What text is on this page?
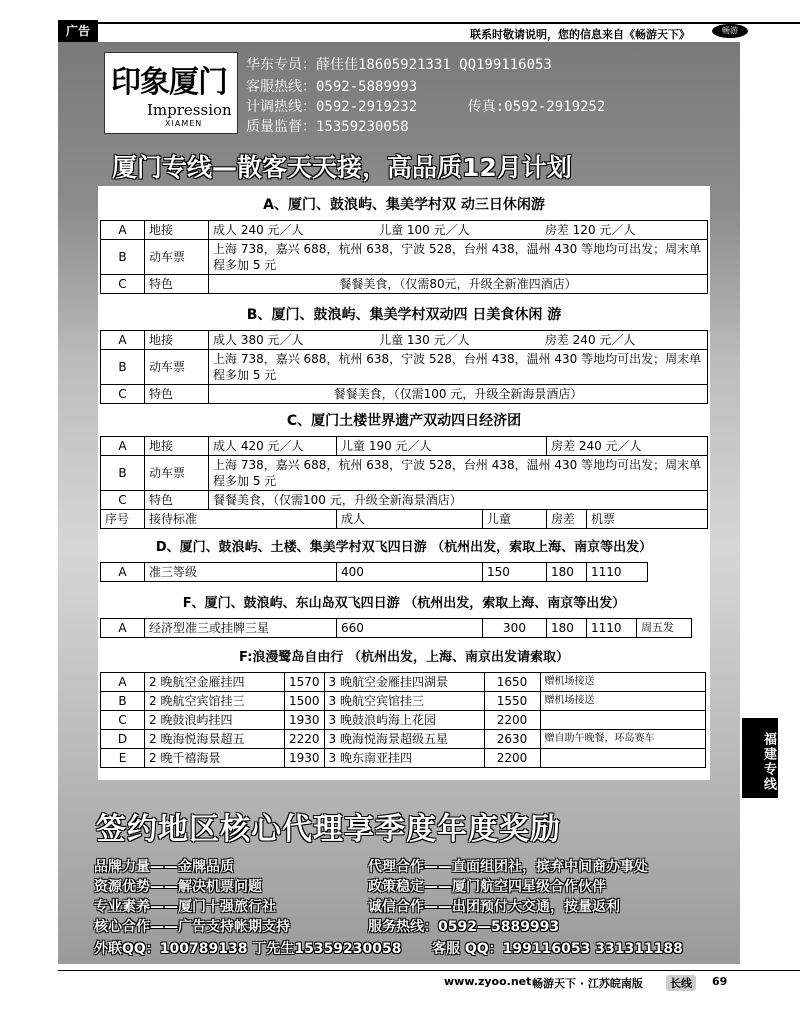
广告	联系时敬请说明，您的信息来自《畅游天下》	畅游
印象厦门
Impression
XIAMEN
华东专员：薛佳佳18605921331 QQ199116053
客服热线：0592-5889993
计调热线：0592-2919232      传真:0592-2919252
质量监督：15359230058
厦门专线—散客天天接，高品质12月计划
A、厦门、鼓浪屿、集美学村双 动三日休闲游
A	地接	成人 240 元／人	儿童 100 元／人	房差 120 元／人
B	动车票	上海 738，嘉兴 688，杭州 638，宁波 528，台州 438，温州 430 等地均可出发；周末单程多加 5 元		
C	特色	餐餐美食，（仅需80元，升级全新准四酒店）		
B、厦门、鼓浪屿、集美学村双动四 日美食休闲 游
A	地接	成人 380 元／人	儿童 130 元／人	房差 240 元／人
B	动车票	上海 738，嘉兴 688，杭州 638，宁波 528，台州 438，温州 430 等地均可出发；周末单程多加 5 元		
C	特色	餐餐美食，（仅需100 元，升级全新海景酒店）		
C、厦门土楼世界遗产双动四日经济团
A	地接	成人 420 元／人	儿童 190 元／人		房差 240 元／人	
B	动车票	上海 738，嘉兴 688，杭州 638，宁波 528，台州 438，温州 430 等地均可出发；周末单程多加 5 元				
C	特色	餐餐美食，（仅需100 元，升级全新海景酒店）				
序号	接待标准		成人	儿童	房差	机票
D、厦门、鼓浪屿、土楼、集美学村双飞四日游 （杭州出发，索取上海、南京等出发）
A	准三等级	400	150	180	1110
F、厦门、鼓浪屿、东山岛双飞四日游 （杭州出发，索取上海、南京等出发）
A	经济型准三或挂牌三星	660	300	180	1110	周五发
F:浪漫鹭岛自由行 （杭州出发，上海、南京出发请索取）
A	2 晚航空金雁挂四	1570	3 晚航空金雁挂四湖景	1650	赠机场接送
B	2 晚航空宾馆挂三	1500	3 晚航空宾馆挂三	1550	赠机场接送
C	2 晚鼓浪屿挂四	1930	3 晚鼓浪屿海上花园	2200	
D	2 晚海悦海景超五	2220	3 晚海悦海景超级五星	2630	赠自助午晚餐，环岛赛车
E	2 晚千禧海景	1930	3 晚东南亚挂四	2200		福建专线
签约地区核心代理享季度年度奖励
品牌力量——金牌品质
资源优势——解决机票问题
专业素养——厦门十强旅行社
核心合作——广告支持帐期支持
外联QQ：100789138 丁先生15359230058
代理合作——直面组团社，摈弃中间商办事处
政策稳定——厦门航空四星级合作伙伴
诚信合作——出团预付大交通，按量返利
服务热线：0592—5889993
客服 QQ：199116053 331311188
www.zyoo.net 畅游天下 · 江苏皖南版	长线	69
